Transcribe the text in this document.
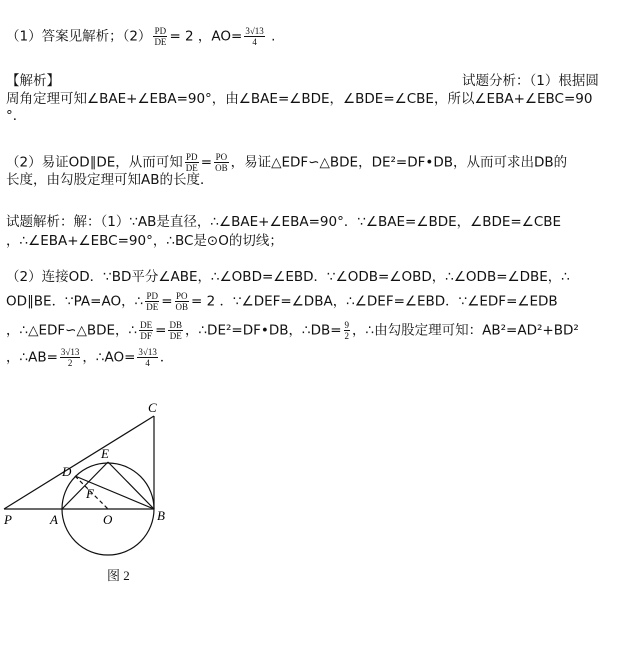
（1）答案见解析；$(2) \frac{PD}{DE} = 2$ ，$AO= \frac{3√13}{4}$ .
【解析】	试题分析：（1）根据圆
周角定理可知∠BAE+∠EBA=90°，由∠BAE=∠BDE，∠BDE=∠CBE，所以∠EBA+∠EBC=90
°．
（2）易证OD∥DE，从而可知 $\frac{PD}{DE} = \frac{PO}{OB}$ ，易证△EDF∽△BDE，DE²=DF•DB，从而可求出DB的
长度，由勾股定理可知AB的长度．
试题解析：解：（1）∵AB是直径，∴∠BAE+∠EBA=90°．∵∠BAE=∠BDE，∠BDE=∠CBE
，∴∠EBA+∠EBC=90°，∴BC是⊙O的切线；
（2）连接OD．∵BD平分∠ABE，∴∠OBD=∠EBD．∵∠ODB=∠OBD，∴∠ODB=∠DBE，∴
OD∥BE．∵PA=AO，∴ $\frac{PD}{DE} = \frac{PO}{OB} = 2$ ．∵∠DEF=∠DBA，∴∠DEF=∠EBD．∵∠EDF=∠EDB
，∴△EDF∽△BDE，∴ $\frac{DE}{DF} = \frac{DB}{DE}$ ，∴DE²=DF•DB，∴DB= $\frac{9}{2}$ ，∴由勾股定理可知：AB²=AD²+BD²
，∴AB= $\frac{3√13}{2}$ ，∴AO= $\frac{3√13}{4}$ ．
C
E
D
F
P	A	O	B
图 2
